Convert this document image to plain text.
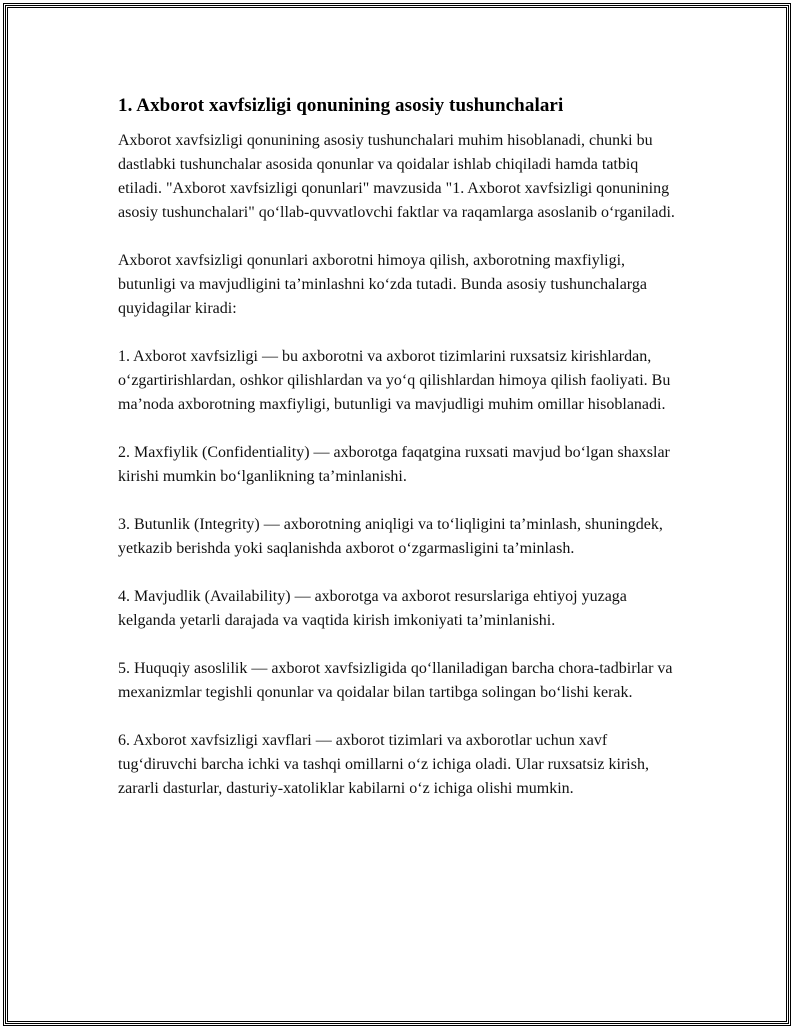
1. Axborot xavfsizligi qonunining asosiy tushunchalari

Axborot xavfsizligi qonunining asosiy tushunchalari muhim hisoblanadi, chunki bu dastlabki tushunchalar asosida qonunlar va qoidalar ishlab chiqiladi hamda tatbiq etiladi. "Axborot xavfsizligi qonunlari" mavzusida "1. Axborot xavfsizligi qonunining asosiy tushunchalari" qo‘llab-quvvatlovchi faktlar va raqamlarga asoslanib o‘rganiladi.

Axborot xavfsizligi qonunlari axborotni himoya qilish, axborotning maxfiyligi, butunligi va mavjudligini ta’minlashni ko‘zda tutadi. Bunda asosiy tushunchalarga quyidagilar kiradi:

1. Axborot xavfsizligi — bu axborotni va axborot tizimlarini ruxsatsiz kirishlardan, o‘zgartirishlardan, oshkor qilishlardan va yo‘q qilishlardan himoya qilish faoliyati. Bu ma’noda axborotning maxfiyligi, butunligi va mavjudligi muhim omillar hisoblanadi.

2. Maxfiylik (Confidentiality) — axborotga faqatgina ruxsati mavjud bo‘lgan shaxslar kirishi mumkin bo‘lganlikning ta’minlanishi.

3. Butunlik (Integrity) — axborotning aniqligi va to‘liqligini ta’minlash, shuningdek, yetkazib berishda yoki saqlanishda axborot o‘zgarmasligini ta’minlash.

4. Mavjudlik (Availability) — axborotga va axborot resurslariga ehtiyoj yuzaga kelganda yetarli darajada va vaqtida kirish imkoniyati ta’minlanishi.

5. Huquqiy asoslilik — axborot xavfsizligida qo‘llaniladigan barcha chora-tadbirlar va mexanizmlar tegishli qonunlar va qoidalar bilan tartibga solingan bo‘lishi kerak.

6. Axborot xavfsizligi xavflari — axborot tizimlari va axborotlar uchun xavf tug‘diruvchi barcha ichki va tashqi omillarni o‘z ichiga oladi. Ular ruxsatsiz kirish, zararli dasturlar, dasturiy-xatoliklar kabilarni o‘z ichiga olishi mumkin.
